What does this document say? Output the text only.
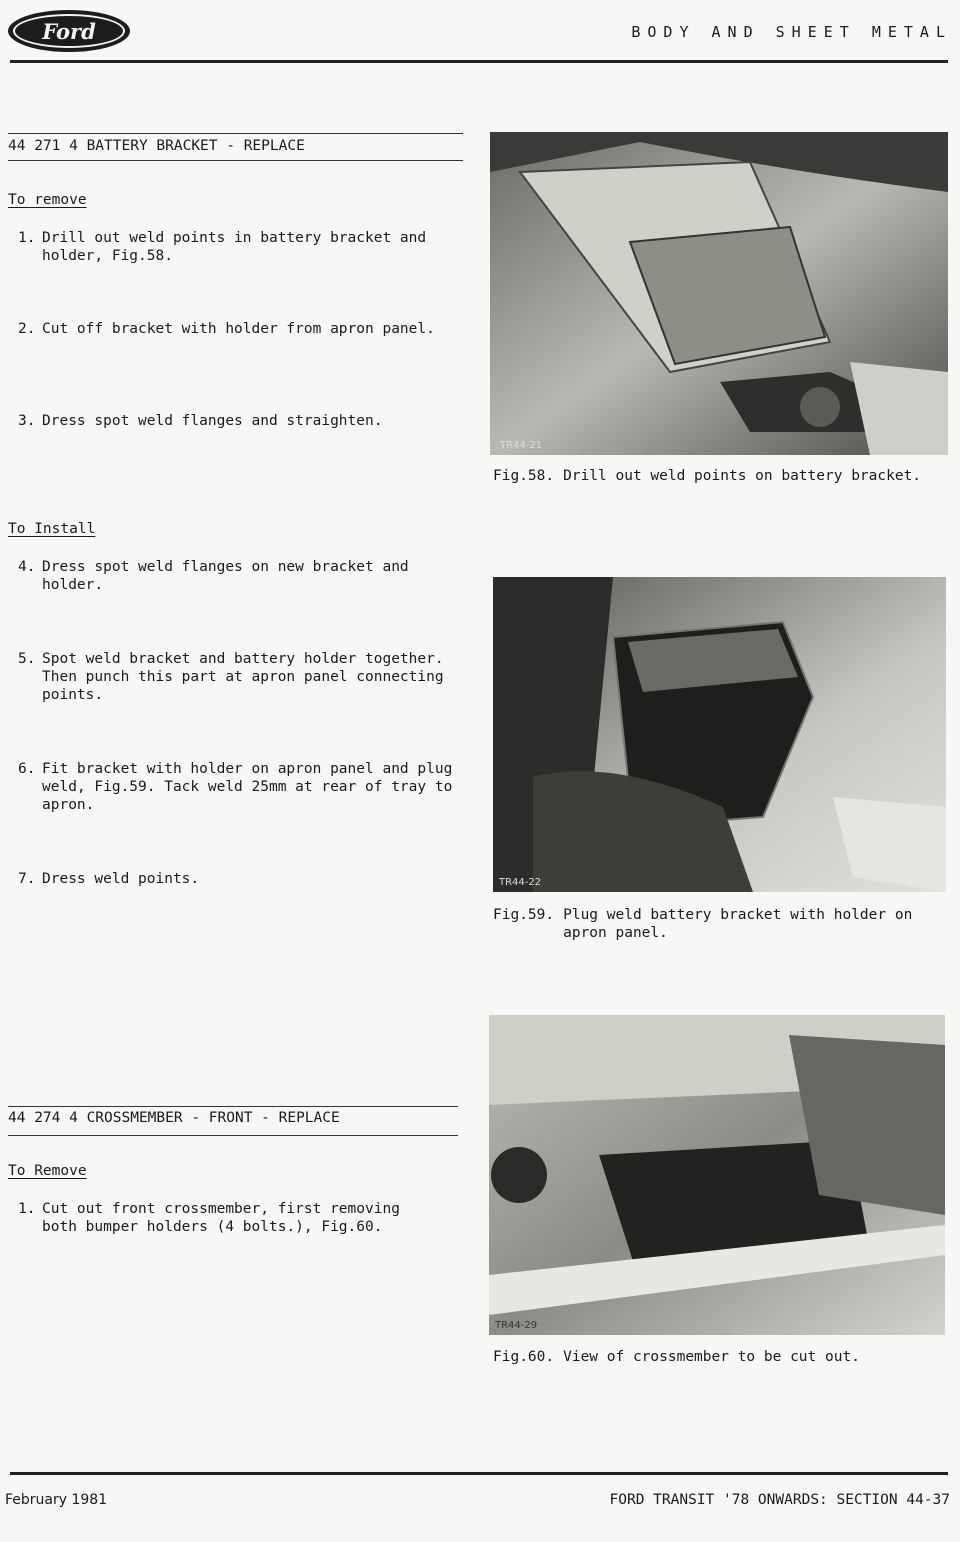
Ford	BODY AND SHEET METAL
44 271 4 BATTERY BRACKET - REPLACE
To remove
1. Drill out weld points in battery bracket and holder, Fig.58.
2. Cut off bracket with holder from apron panel.
3. Dress spot weld flanges and straighten.
To Install
4. Dress spot weld flanges on new bracket and holder.
5. Spot weld bracket and battery holder together. Then punch this part at apron panel connecting points.
6. Fit bracket with holder on apron panel and plug weld, Fig.59. Tack weld 25mm at rear of tray to apron.
7. Dress weld points.
44 274 4 CROSSMEMBER - FRONT - REPLACE
To Remove
1. Cut out front crossmember, first removing both bumper holders (4 bolts.), Fig.60.
TR44-21
Fig.58. Drill out weld points on battery bracket.
TR44-22
Fig.59. Plug weld battery bracket with holder on apron panel.
TR44-29
Fig.60. View of crossmember to be cut out.
February 1981	FORD TRANSIT '78 ONWARDS: SECTION 44-37
